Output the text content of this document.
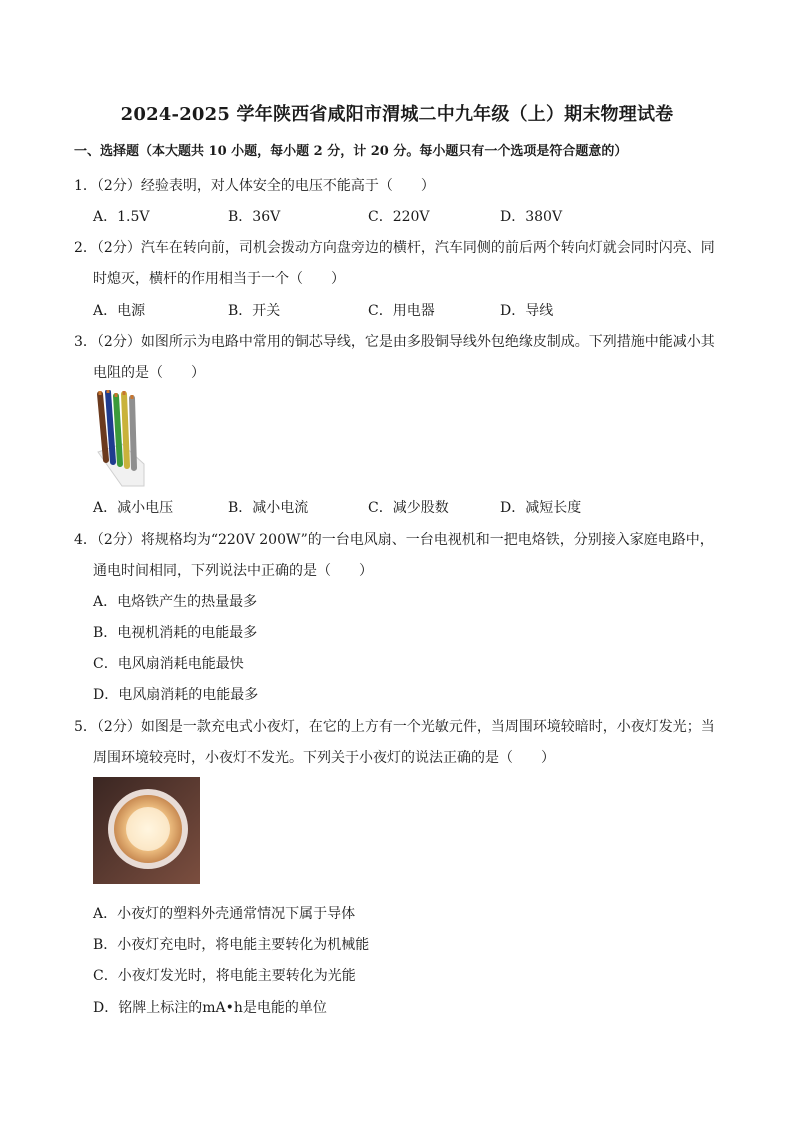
2024-2025 学年陕西省咸阳市渭城二中九年级（上）期末物理试卷
一、选择题（本大题共 10 小题，每小题 2 分，计 20 分。每小题只有一个选项是符合题意的）
1．（2分）经验表明，对人体安全的电压不能高于（　　）
A．1.5V	B．36V	C．220V	D．380V
2．（2分）汽车在转向前，司机会拨动方向盘旁边的横杆，汽车同侧的前后两个转向灯就会同时闪亮、同
时熄灭，横杆的作用相当于一个（　　）
A．电源	B．开关	C．用电器	D．导线
3．（2分）如图所示为电路中常用的铜芯导线，它是由多股铜导线外包绝缘皮制成。下列措施中能减小其
电阻的是（　　）
A．减小电压	B．减小电流	C．减少股数	D．减短长度
4．（2分）将规格均为“220V 200W”的一台电风扇、一台电视机和一把电烙铁，分别接入家庭电路中，
通电时间相同，下列说法中正确的是（　　）
A．电烙铁产生的热量最多
B．电视机消耗的电能最多
C．电风扇消耗电能最快
D．电风扇消耗的电能最多
5．（2分）如图是一款充电式小夜灯，在它的上方有一个光敏元件，当周围环境较暗时，小夜灯发光；当
周围环境较亮时，小夜灯不发光。下列关于小夜灯的说法正确的是（　　）
A．小夜灯的塑料外壳通常情况下属于导体
B．小夜灯充电时，将电能主要转化为机械能
C．小夜灯发光时，将电能主要转化为光能
D．铭牌上标注的mA•h是电能的单位
